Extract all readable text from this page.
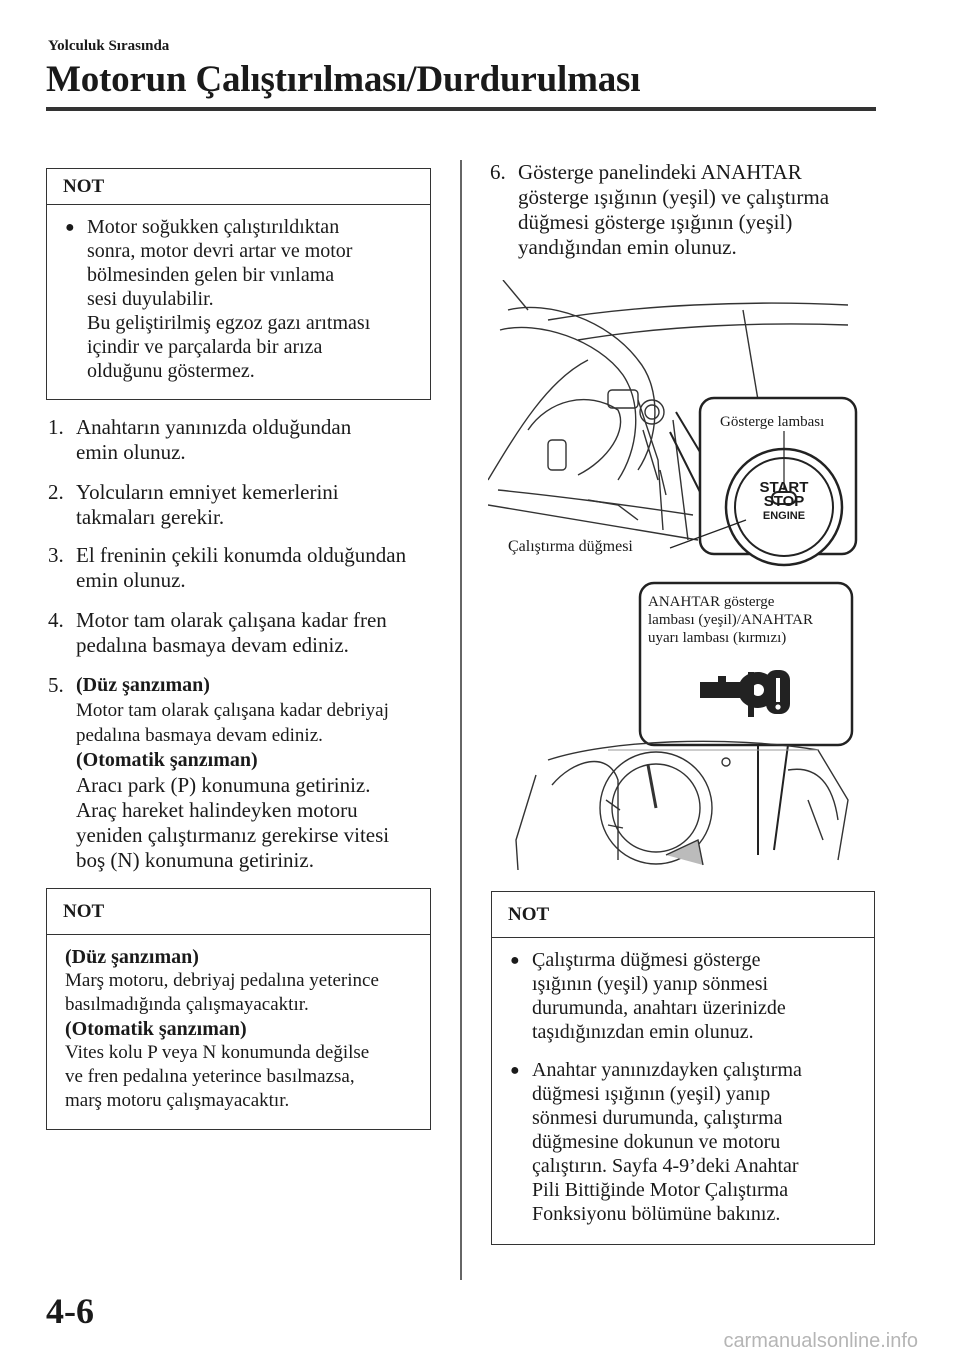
Yolculuk Sırasında
Motorun Çalıştırılması/Durdurulması
NOT
● Motor soğukken çalıştırıldıktan
sonra, motor devri artar ve motor
bölmesinden gelen bir vınlama
sesi duyulabilir.
Bu geliştirilmiş egzoz gazı arıtması
içindir ve parçalarda bir arıza
olduğunu göstermez.
1. Anahtarın yanınızda olduğundan
emin olunuz.
2. Yolcuların emniyet kemerlerini
takmaları gerekir.
3. El freninin çekili konumda olduğundan
emin olunuz.
4. Motor tam olarak çalışana kadar fren
pedalına basmaya devam ediniz.
5. (Düz şanzıman)
Motor tam olarak çalışana kadar debriyaj
pedalına basmaya devam ediniz.
(Otomatik şanzıman)
Aracı park (P) konumuna getiriniz.
Araç hareket halindeyken motoru
yeniden çalıştırmanız gerekirse vitesi
boş (N) konumuna getiriniz.
NOT
(Düz şanzıman)
Marş motoru, debriyaj pedalına yeterince
basılmadığında çalışmayacaktır.
(Otomatik şanzıman)
Vites kolu P veya N konumunda değilse
ve fren pedalına yeterince basılmazsa,
marş motoru çalışmayacaktır.
6. Gösterge panelindeki ANAHTAR
gösterge ışığının (yeşil) ve çalıştırma
düğmesi gösterge ışığının (yeşil)
yandığından emin olunuz.
Gösterge lambası
Çalıştırma düğmesi
START
STOP
ENGINE
ANAHTAR gösterge
lambası (yeşil)/ANAHTAR
uyarı lambası (kırmızı)
NOT
● Çalıştırma düğmesi gösterge
ışığının (yeşil) yanıp sönmesi
durumunda, anahtarı üzerinizde
taşıdığınızdan emin olunuz.
● Anahtar yanınızdayken çalıştırma
düğmesi ışığının (yeşil) yanıp
sönmesi durumunda, çalıştırma
düğmesine dokunun ve motoru
çalıştırın. Sayfa 4-9’deki Anahtar
Pili Bittiğinde Motor Çalıştırma
Fonksiyonu bölümüne bakınız.
4-6
carmanualsonline.info
